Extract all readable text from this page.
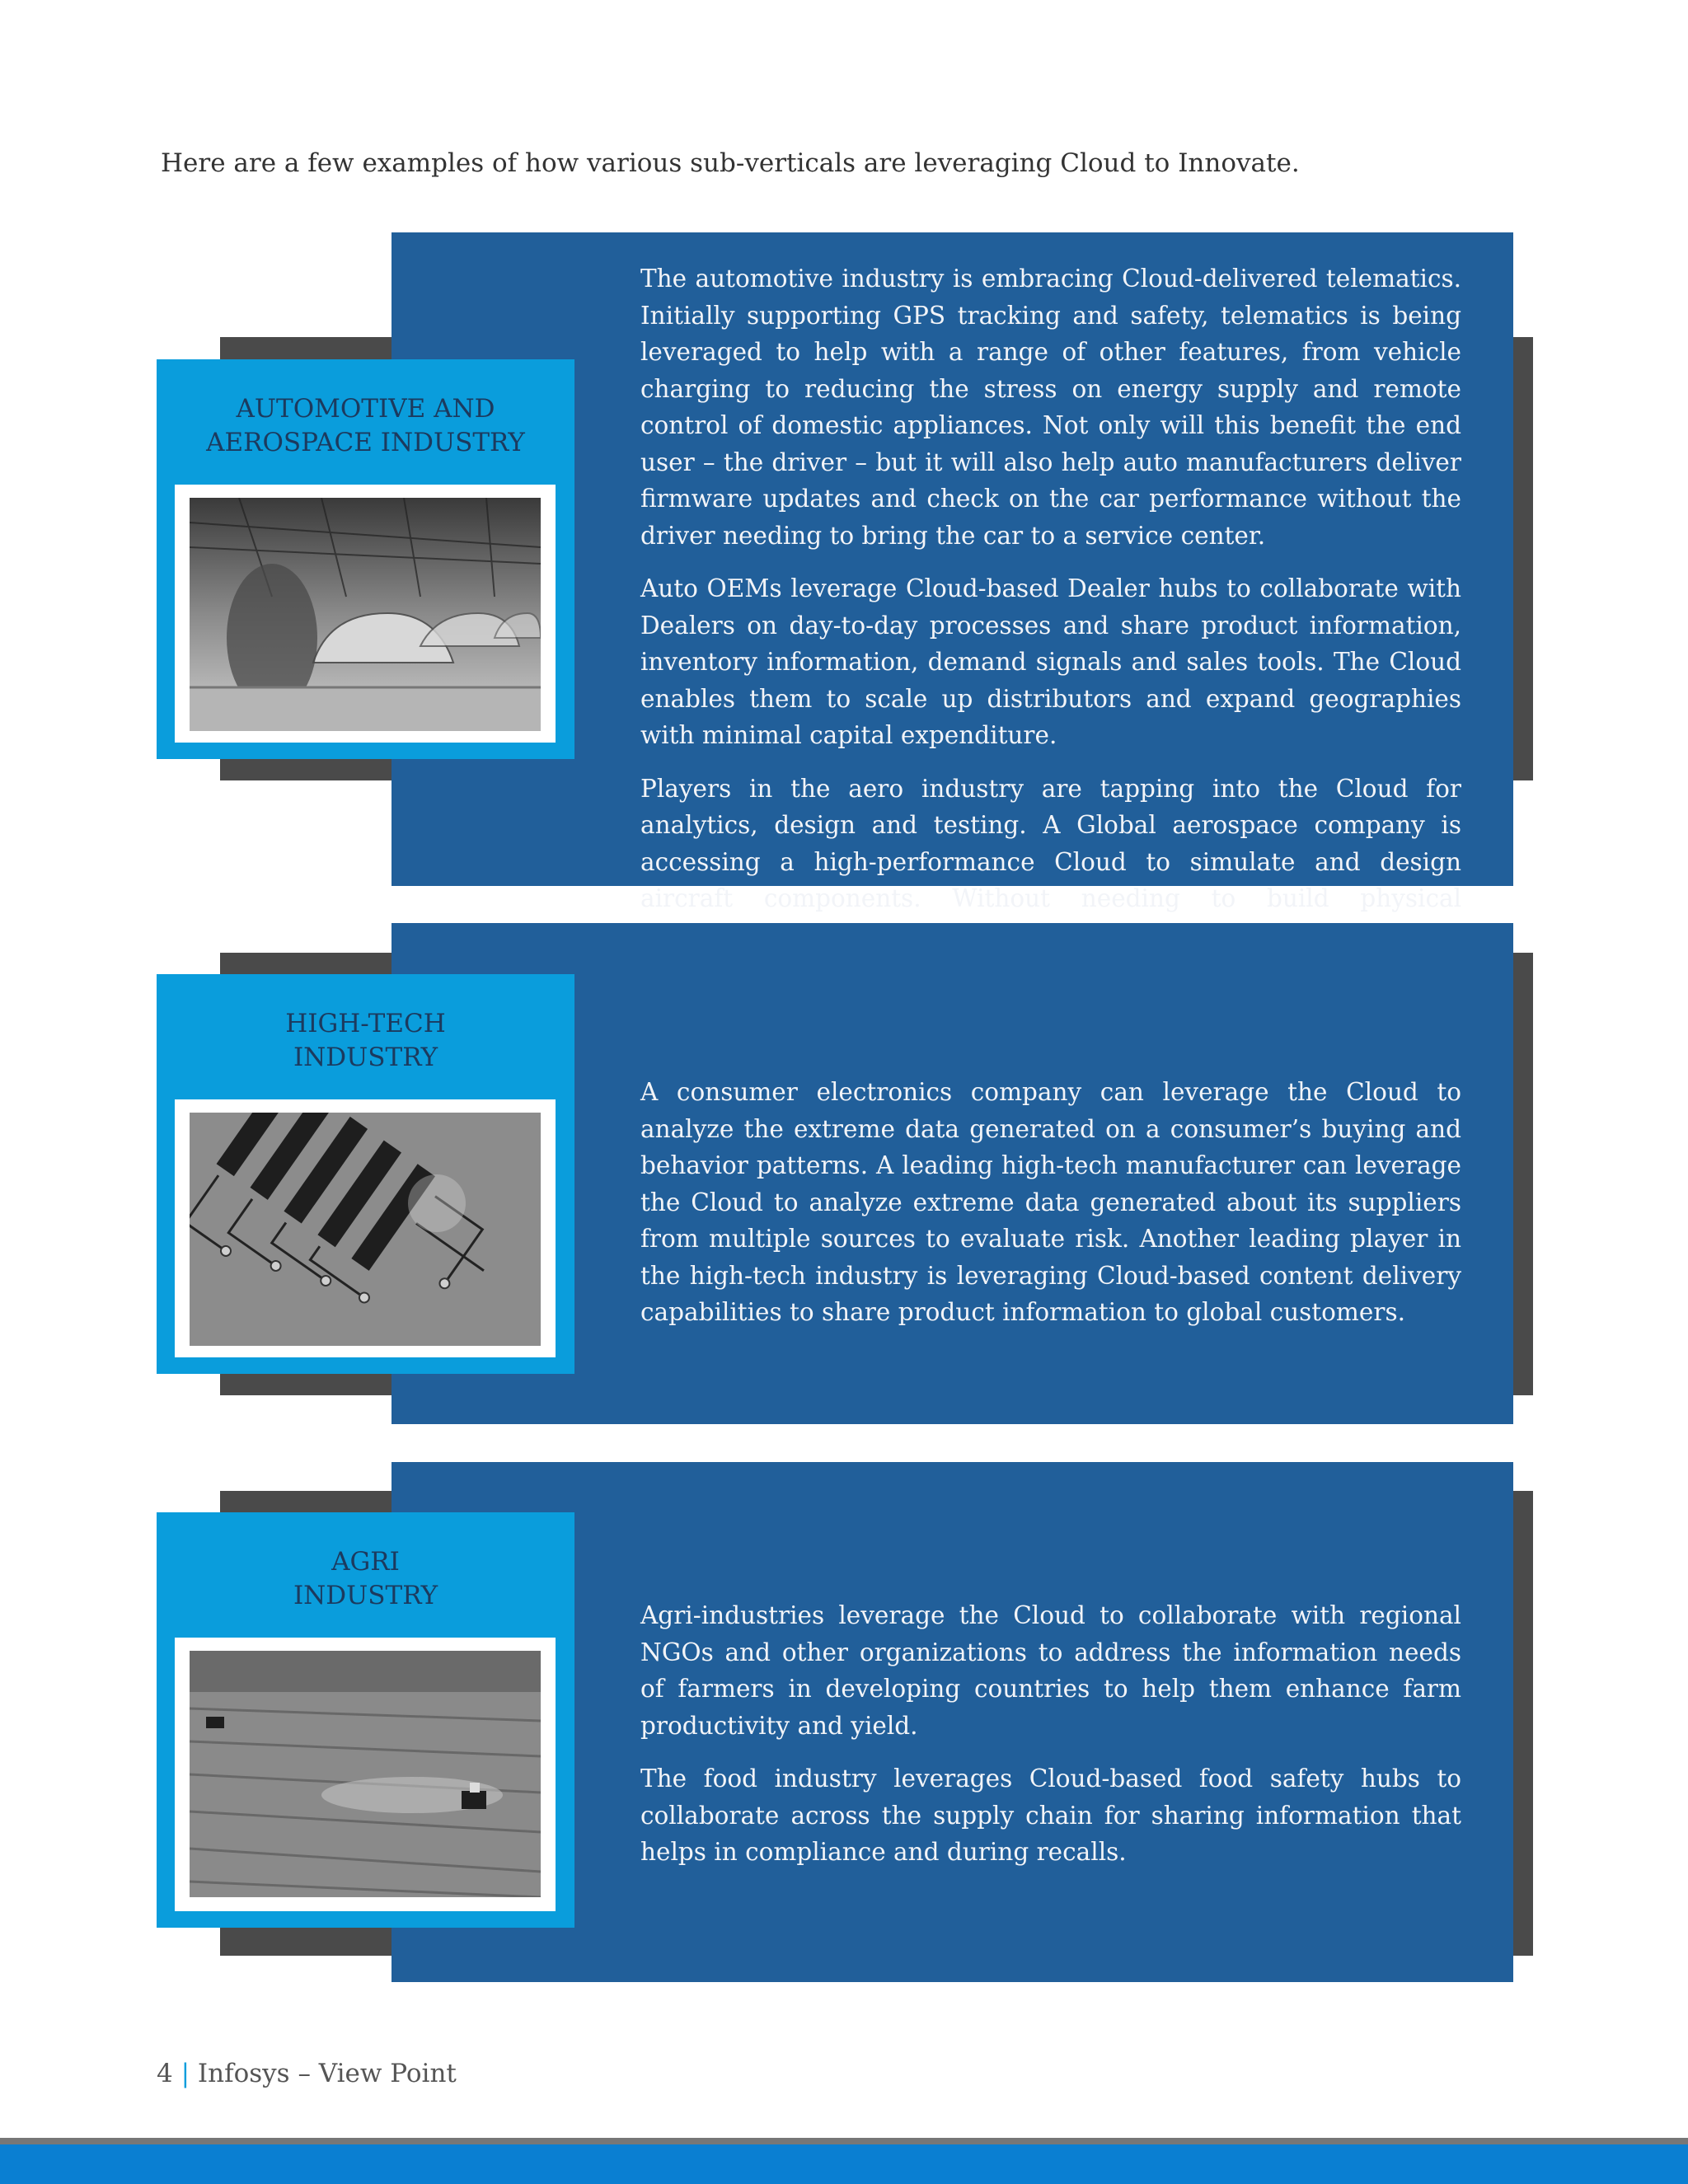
Here are a few examples of how various sub-verticals are leveraging Cloud to Innovate.

AUTOMOTIVE AND
AEROSPACE INDUSTRY

The automotive industry is embracing Cloud-delivered telematics. Initially supporting GPS tracking and safety, telematics is being leveraged to help with a range of other features, from vehicle charging to reducing the stress on energy supply and remote control of domestic appliances. Not only will this benefit the end user – the driver – but it will also help auto manufacturers deliver firmware updates and check on the car performance without the driver needing to bring the car to a service center.

Auto OEMs leverage Cloud-based Dealer hubs to collaborate with Dealers on day-to-day processes and share product information, inventory information, demand signals and sales tools. The Cloud enables them to scale up distributors and expand geographies with minimal capital expenditure.

Players in the aero industry are tapping into the Cloud for analytics, design and testing. A Global aerospace company is accessing a high-performance Cloud to simulate and design aircraft components. Without needing to build physical

HIGH-TECH
INDUSTRY

A consumer electronics company can leverage the Cloud to analyze the extreme data generated on a consumer’s buying and behavior patterns. A leading high-tech manufacturer can leverage the Cloud to analyze extreme data generated about its suppliers from multiple sources to evaluate risk. Another leading player in the high-tech industry is leveraging Cloud-based content delivery capabilities to share product information to global customers.

AGRI
INDUSTRY

Agri-industries leverage the Cloud to collaborate with regional NGOs and other organizations to address the information needs of farmers in developing countries to help them enhance farm productivity and yield.

The food industry leverages Cloud-based food safety hubs to collaborate across the supply chain for sharing information that helps in compliance and during recalls.

4 | Infosys – View Point
